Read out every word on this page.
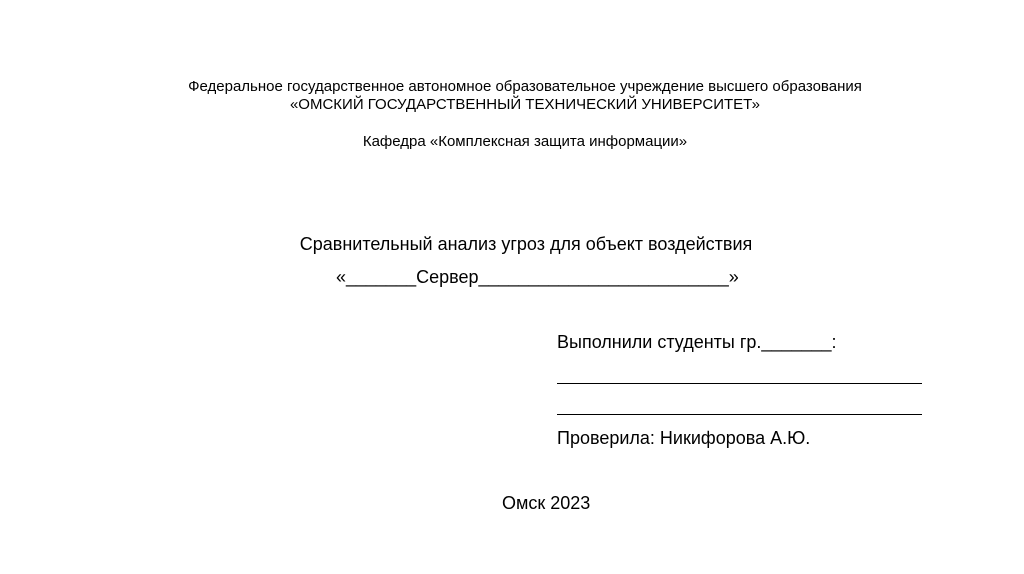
Федеральное государственное автономное образовательное учреждение высшего образования
«ОМСКИЙ ГОСУДАРСТВЕННЫЙ ТЕХНИЧЕСКИЙ УНИВЕРСИТЕТ»
Кафедра «Комплексная защита информации»
Сравнительный анализ угроз для объект воздействия
«_______Сервер_________________________»
Выполнили студенты гр._______:
Проверила: Никифорова А.Ю.
Омск 2023
